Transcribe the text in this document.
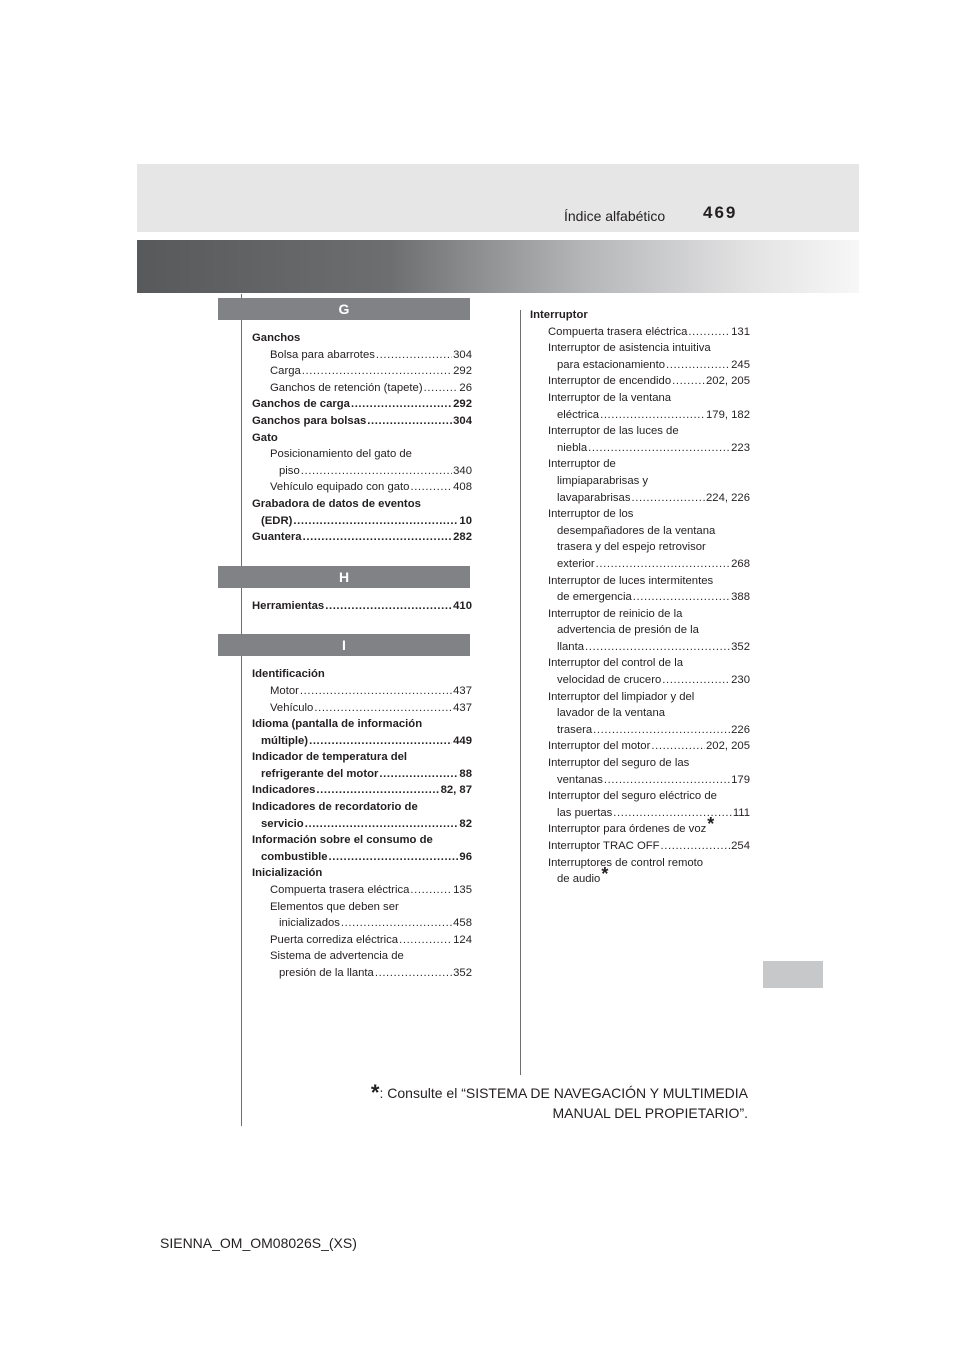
Índice alfabético 469
G
Ganchos
Bolsa para abarrotes .....	304
Carga .....	292
Ganchos de retención (tapete) .....	26
Ganchos de carga .....	292
Ganchos para bolsas .....	304
Gato
Posicionamiento del gato de
piso .....	340
Vehículo equipado con gato .....	408
Grabadora de datos de eventos
(EDR) .....	10
Guantera .....	282
H
Herramientas .....	410
I
Identificación
Motor .....	437
Vehículo .....	437
Idioma (pantalla de información
múltiple) .....	449
Indicador de temperatura del
refrigerante del motor .....	88
Indicadores .....	82, 87
Indicadores de recordatorio de
servicio .....	82
Información sobre el consumo de
combustible .....	96
Inicialización
Compuerta trasera eléctrica .....	135
Elementos que deben ser
inicializados .....	458
Puerta corrediza eléctrica .....	124
Sistema de advertencia de
presión de la llanta .....	352
Interruptor
Compuerta trasera eléctrica .....	131
Interruptor de asistencia intuitiva
para estacionamiento .....	245
Interruptor de encendido .....	202, 205
Interruptor de la ventana
eléctrica .....	179, 182
Interruptor de las luces de
niebla .....	223
Interruptor de
limpiaparabrisas y
lavaparabrisas .....	224, 226
Interruptor de los
desempañadores de la ventana
trasera y del espejo retrovisor
exterior .....	268
Interruptor de luces intermitentes
de emergencia .....	388
Interruptor de reinicio de la
advertencia de presión de la
llanta .....	352
Interruptor del control de la
velocidad de crucero .....	230
Interruptor del limpiador y del
lavador de la ventana
trasera .....	226
Interruptor del motor .....	202, 205
Interruptor del seguro de las
ventanas .....	179
Interruptor del seguro eléctrico de
las puertas .....	111
Interruptor para órdenes de voz*
Interruptor TRAC OFF .....	254
Interruptores de control remoto
de audio*
*: Consulte el “SISTEMA DE NAVEGACIÓN Y MULTIMEDIA
MANUAL DEL PROPIETARIO”.
SIENNA_OM_OM08026S_(XS)
